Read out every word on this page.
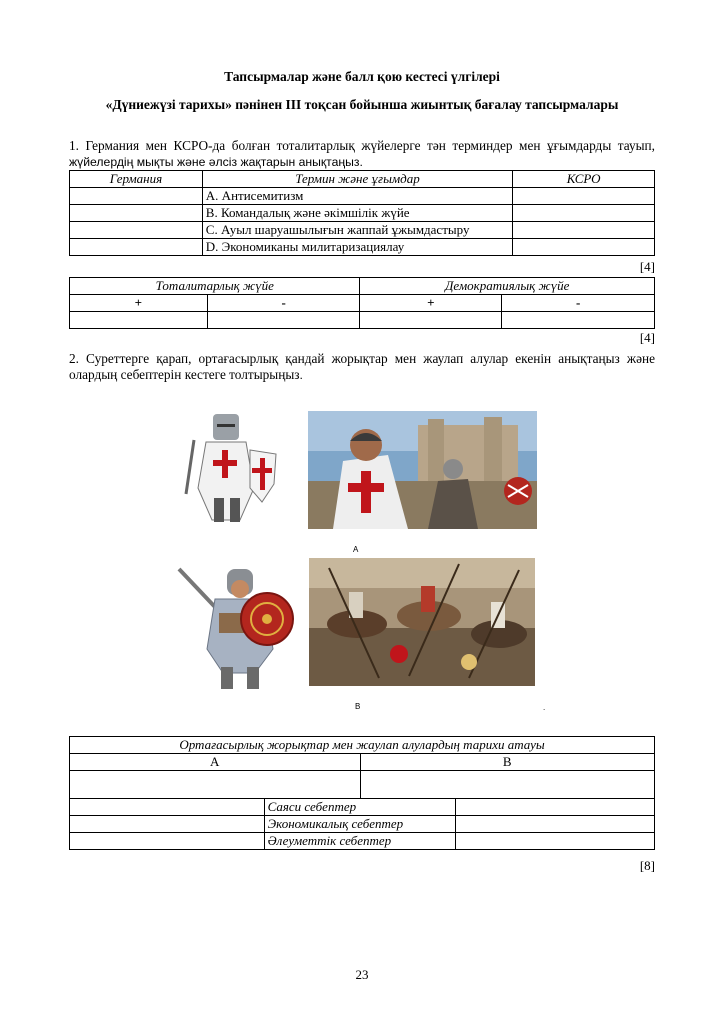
Тапсырмалар және балл қою кестесі үлгілері
«Дүниежүзі тарихы» пәнінен III тоқсан бойынша жиынтық бағалау тапсырмалары
1. Германия мен КСРО-да болған тоталитарлық жүйелерге тән терминдер мен ұғымдарды тауып, жүйелердің мықты және әлсіз жақтарын анықтаңыз.
Германия	Термин және ұғымдар	КСРО
	A. Антисемитизм	
	B. Командалық және әкімшілік жүйе	
	C. Ауыл шаруашылығын жаппай ұжымдастыру	
	D. Экономиканы милитаризациялау	
[4]
Тоталитарлық жүйе		Демократиялық жүйе	
+	-	+	-

[4]
2. Суреттерге қарап, ортағасырлық қандай жорықтар мен жаулап алулар екенін анықтаңыз және олардың себептерін кестеге толтырыңыз.
А
В	.
Ортағасырлық жорықтар мен жаулап алулардың тарихи атауы			
А		В	

	Саяси себептер		
	Экономикалық себептер		
	Әлеуметтік себептер		
[8]
23
